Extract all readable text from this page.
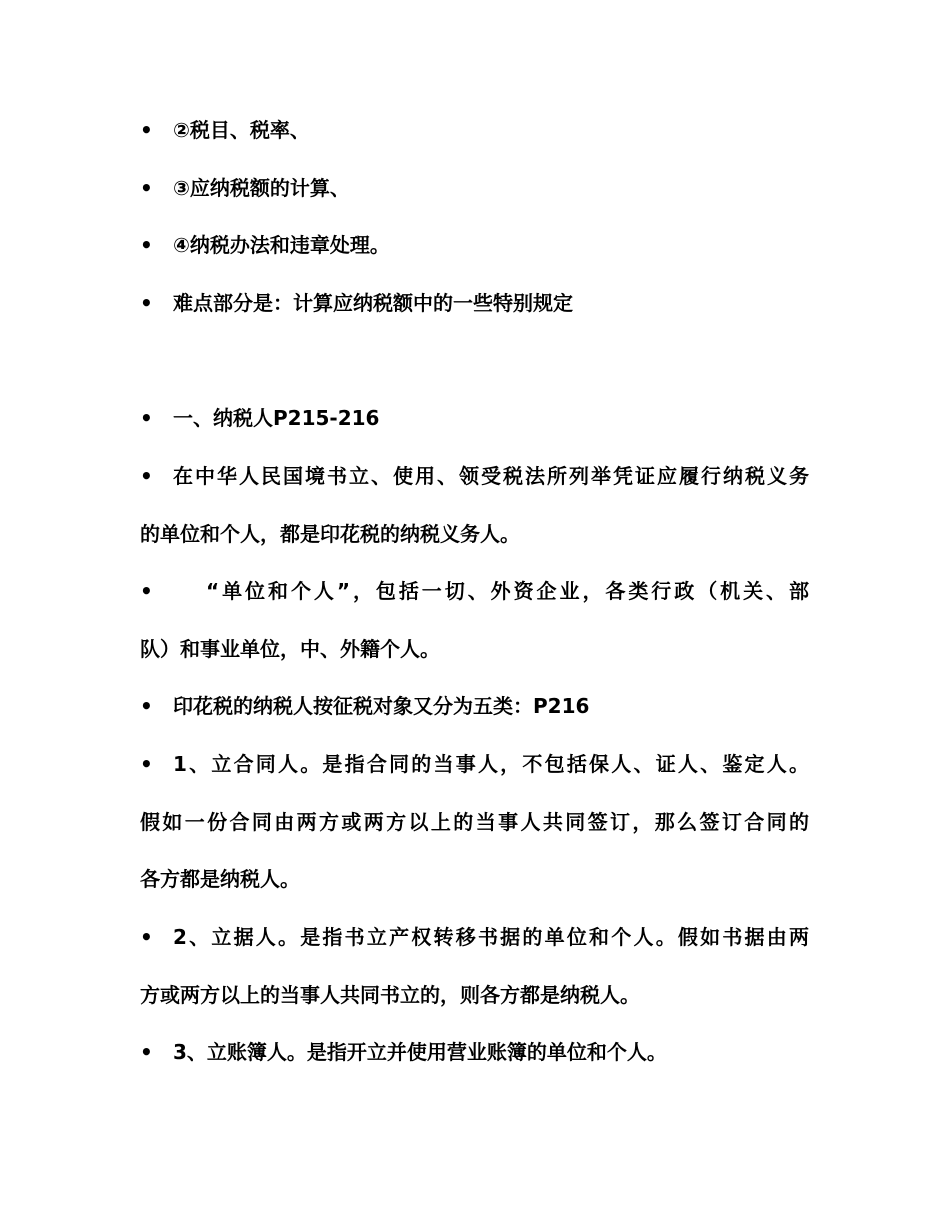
•	②税目、税率、
•	③应纳税额的计算、
•	④纳税办法和违章处理。
•	难点部分是：计算应纳税额中的一些特别规定
•	一、纳税人P215-216
•	在中华人民国境书立、使用、领受税法所列举凭证应履行纳税义务
的单位和个人，都是印花税的纳税义务人。
•	“单位和个人”，包括一切、外资企业，各类行政（机关、部
队）和事业单位，中、外籍个人。
•	印花税的纳税人按征税对象又分为五类：P216
•	1、立合同人。是指合同的当事人，不包括保人、证人、鉴定人。
假如一份合同由两方或两方以上的当事人共同签订，那么签订合同的
各方都是纳税人。
•	2、立据人。是指书立产权转移书据的单位和个人。假如书据由两
方或两方以上的当事人共同书立的，则各方都是纳税人。
•	3、立账簿人。是指开立并使用营业账簿的单位和个人。
